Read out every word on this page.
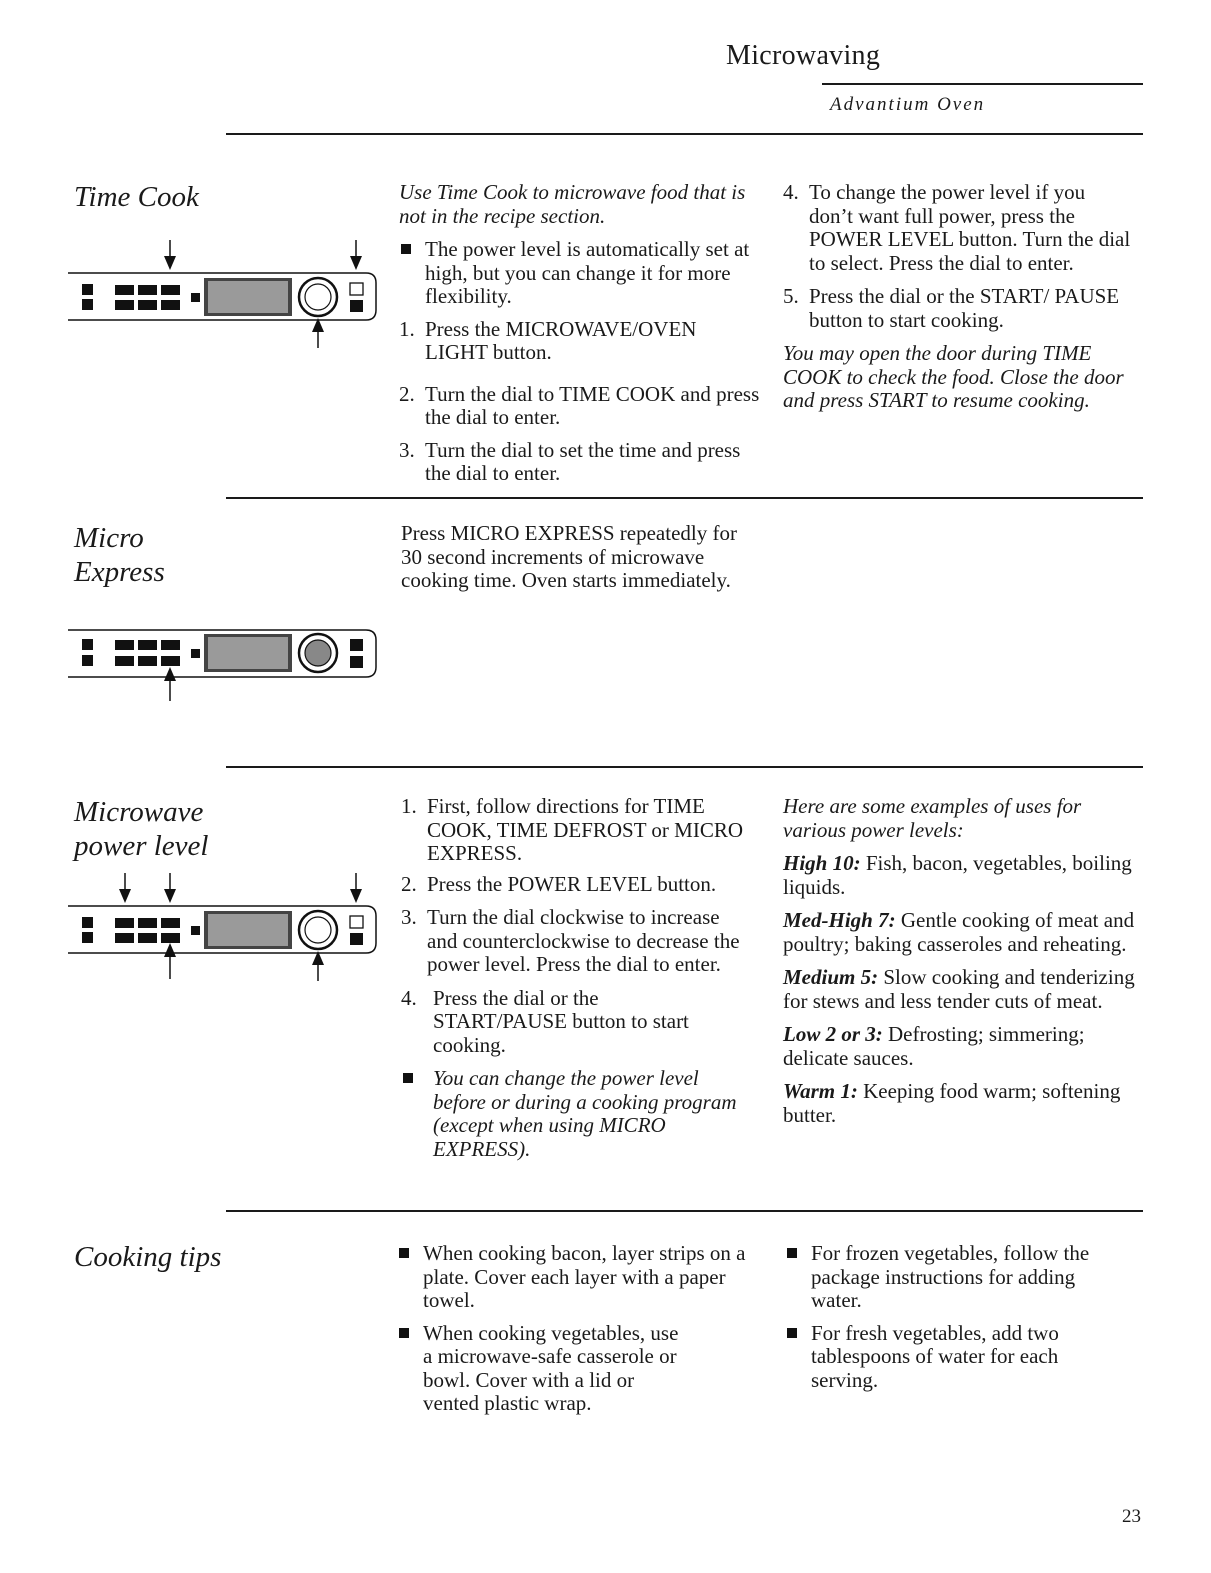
Microwaving
Advantium Oven
Time Cook	Use Time Cook to microwave food that is not in the recipe section.

The power level is automatically set at high, but you can change it for more flexibility.
1. Press the MICROWAVE/OVEN LIGHT button.
2. Turn the dial to TIME COOK and press the dial to enter.
3. Turn the dial to set the time and press the dial to enter.
4. To change the power level if you don’t want full power, press the POWER LEVEL button. Turn the dial to select. Press the dial to enter.
5. Press the dial or the START/ PAUSE button to start cooking.

You may open the door during TIME COOK to check the food. Close the door and press START to resume cooking.

Micro
Express

Press MICRO EXPRESS repeatedly for 30 second increments of microwave cooking time. Oven starts immediately.

Microwave
power level
1. First, follow directions for TIME COOK, TIME DEFROST or MICRO EXPRESS.
2. Press the POWER LEVEL button.
3. Turn the dial clockwise to increase and counterclockwise to decrease the power level. Press the dial to enter.
4. Press the dial or the START/PAUSE button to start cooking.
You can change the power level before or during a cooking program (except when using MICRO EXPRESS).

Here are some examples of uses for various power levels:

High 10: Fish, bacon, vegetables, boiling liquids.

Med-High 7: Gentle cooking of meat and poultry; baking casseroles and reheating.

Medium 5: Slow cooking and tenderizing for stews and less tender cuts of meat.

Low 2 or 3: Defrosting; simmering; delicate sauces.

Warm 1: Keeping food warm; softening butter.

Cooking tips	When cooking bacon, layer strips on a plate. Cover each layer with a paper towel.
When cooking vegetables, use a microwave-safe casserole or bowl. Cover with a lid or vented plastic wrap.
For frozen vegetables, follow the package instructions for adding water.
For fresh vegetables, add two tablespoons of water for each serving.
23
